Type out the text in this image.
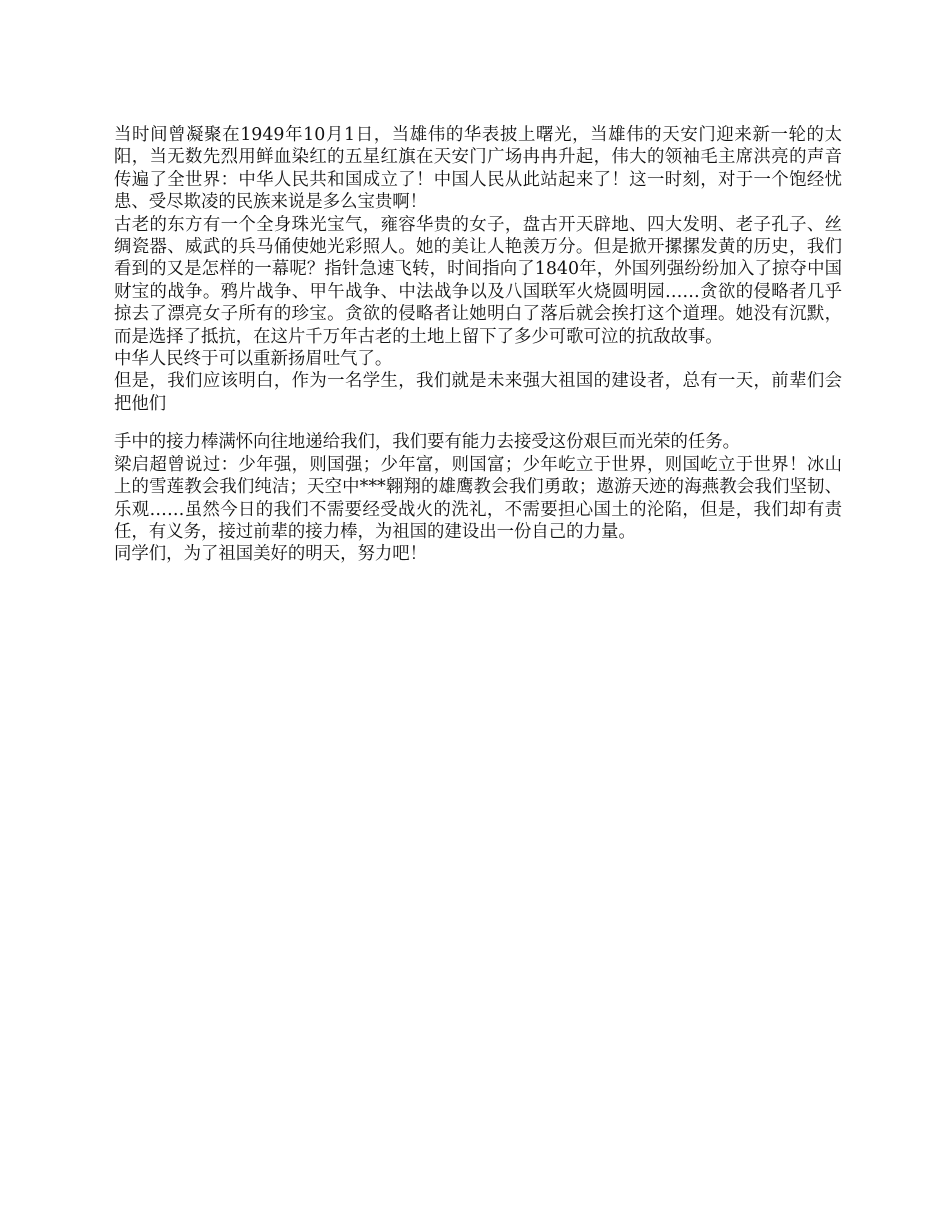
当时间曾凝聚在1949年10月1日，当雄伟的华表披上曙光，当雄伟的天安门迎来新一轮的太阳，当无数先烈用鲜血染红的五星红旗在天安门广场冉冉升起，伟大的领袖毛主席洪亮的声音传遍了全世界：中华人民共和国成立了！中国人民从此站起来了！这一时刻，对于一个饱经忧患、受尽欺凌的民族来说是多么宝贵啊！

古老的东方有一个全身珠光宝气，雍容华贵的女子，盘古开天辟地、四大发明、老子孔子、丝绸瓷器、威武的兵马俑使她光彩照人。她的美让人艳羡万分。但是掀开摞摞发黄的历史，我们看到的又是怎样的一幕呢？指针急速飞转，时间指向了1840年，外国列强纷纷加入了掠夺中国财宝的战争。鸦片战争、甲午战争、中法战争以及八国联军火烧圆明园……贪欲的侵略者几乎掠去了漂亮女子所有的珍宝。贪欲的侵略者让她明白了落后就会挨打这个道理。她没有沉默，而是选择了抵抗，在这片千万年古老的土地上留下了多少可歌可泣的抗敌故事。

中华人民终于可以重新扬眉吐气了。

但是，我们应该明白，作为一名学生，我们就是未来强大祖国的建设者，总有一天，前辈们会把他们

手中的接力棒满怀向往地递给我们，我们要有能力去接受这份艰巨而光荣的任务。

梁启超曾说过：少年强，则国强；少年富，则国富；少年屹立于世界，则国屹立于世界！冰山上的雪莲教会我们纯洁；天空中***翱翔的雄鹰教会我们勇敢；遨游天迹的海燕教会我们坚韧、乐观……虽然今日的我们不需要经受战火的洗礼，不需要担心国土的沦陷，但是，我们却有责任，有义务，接过前辈的接力棒，为祖国的建设出一份自己的力量。

同学们，为了祖国美好的明天，努力吧！
